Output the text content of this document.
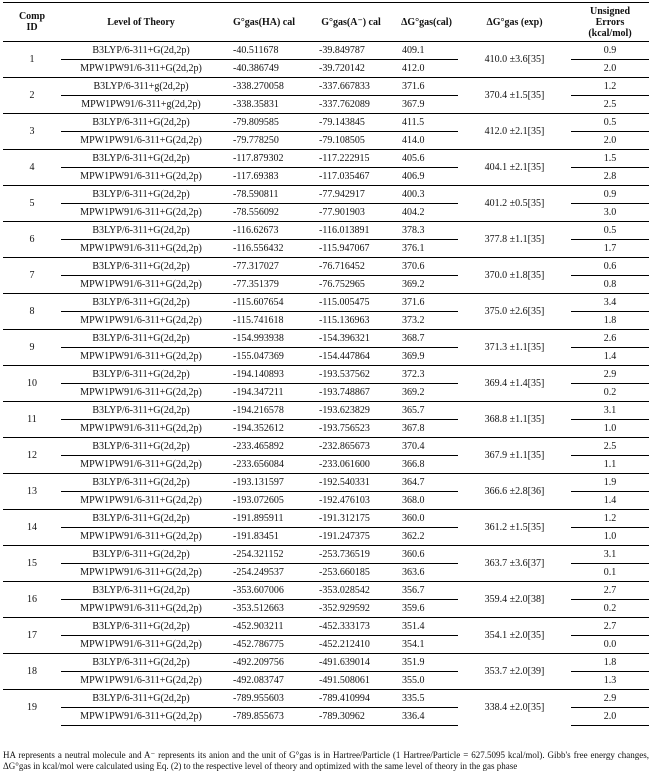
Comp
ID	Level of Theory	G°gas(HA) cal	G°gas(A⁻) cal	ΔG°gas(cal)	ΔG°gas (exp)	Unsigned
Errors
(kcal/mol)

1	B3LYP/6-311+G(2d,2p)	-40.511678	-39.849787	409.1	410.0 ±3.6[35]	0.9
	MPW1PW91/6-311+G(2d,2p)	-40.386749	-39.720142	412.0		2.0
2	B3LYP/6-311+g(2d,2p)	-338.270058	-337.667833	371.6	370.4 ±1.5[35]	1.2
	MPW1PW91/6-311+g(2d,2p)	-338.35831	-337.762089	367.9		2.5
3	B3LYP/6-311+G(2d,2p)	-79.809585	-79.143845	411.5	412.0 ±2.1[35]	0.5
	MPW1PW91/6-311+G(2d,2p)	-79.778250	-79.108505	414.0		2.0
4	B3LYP/6-311+G(2d,2p)	-117.879302	-117.222915	405.6	404.1 ±2.1[35]	1.5
	MPW1PW91/6-311+G(2d,2p)	-117.69383	-117.035467	406.9		2.8
5	B3LYP/6-311+G(2d,2p)	-78.590811	-77.942917	400.3	401.2 ±0.5[35]	0.9
	MPW1PW91/6-311+G(2d,2p)	-78.556092	-77.901903	404.2		3.0
6	B3LYP/6-311+G(2d,2p)	-116.62673	-116.013891	378.3	377.8 ±1.1[35]	0.5
	MPW1PW91/6-311+G(2d,2p)	-116.556432	-115.947067	376.1		1.7
7	B3LYP/6-311+G(2d,2p)	-77.317027	-76.716452	370.6	370.0 ±1.8[35]	0.6
	MPW1PW91/6-311+G(2d,2p)	-77.351379	-76.752965	369.2		0.8
8	B3LYP/6-311+G(2d,2p)	-115.607654	-115.005475	371.6	375.0 ±2.6[35]	3.4
	MPW1PW91/6-311+G(2d,2p)	-115.741618	-115.136963	373.2		1.8
9	B3LYP/6-311+G(2d,2p)	-154.993938	-154.396321	368.7	371.3 ±1.1[35]	2.6
	MPW1PW91/6-311+G(2d,2p)	-155.047369	-154.447864	369.9		1.4
10	B3LYP/6-311+G(2d,2p)	-194.140893	-193.537562	372.3	369.4 ±1.4[35]	2.9
	MPW1PW91/6-311+G(2d,2p)	-194.347211	-193.748867	369.2		0.2
11	B3LYP/6-311+G(2d,2p)	-194.216578	-193.623829	365.7	368.8 ±1.1[35]	3.1
	MPW1PW91/6-311+G(2d,2p)	-194.352612	-193.756523	367.8		1.0
12	B3LYP/6-311+G(2d,2p)	-233.465892	-232.865673	370.4	367.9 ±1.1[35]	2.5
	MPW1PW91/6-311+G(2d,2p)	-233.656084	-233.061600	366.8		1.1
13	B3LYP/6-311+G(2d,2p)	-193.131597	-192.540331	364.7	366.6 ±2.8[36]	1.9
	MPW1PW91/6-311+G(2d,2p)	-193.072605	-192.476103	368.0		1.4
14	B3LYP/6-311+G(2d,2p)	-191.895911	-191.312175	360.0	361.2 ±1.5[35]	1.2
	MPW1PW91/6-311+G(2d,2p)	-191.83451	-191.247375	362.2		1.0
15	B3LYP/6-311+G(2d,2p)	-254.321152	-253.736519	360.6	363.7 ±3.6[37]	3.1
	MPW1PW91/6-311+G(2d,2p)	-254.249537	-253.660185	363.6		0.1
16	B3LYP/6-311+G(2d,2p)	-353.607006	-353.028542	356.7	359.4 ±2.0[38]	2.7
	MPW1PW91/6-311+G(2d,2p)	-353.512663	-352.929592	359.6		0.2
17	B3LYP/6-311+G(2d,2p)	-452.903211	-452.333173	351.4	354.1 ±2.0[35]	2.7
	MPW1PW91/6-311+G(2d,2p)	-452.786775	-452.212410	354.1		0.0
18	B3LYP/6-311+G(2d,2p)	-492.209756	-491.639014	351.9	353.7 ±2.0[39]	1.8
	MPW1PW91/6-311+G(2d,2p)	-492.083747	-491.508061	355.0		1.3
19	B3LYP/6-311+G(2d,2p)	-789.955603	-789.410994	335.5	338.4 ±2.0[35]	2.9
	MPW1PW91/6-311+G(2d,2p)	-789.855673	-789.30962	336.4		2.0
HA represents a neutral molecule and A⁻ represents its anion and the unit of G°gas is in Hartree/Particle (1 Hartree/Particle = 627.5095 kcal/mol). Gibb's free energy changes, ΔG°gas in kcal/mol were calculated using Eq. (2) to the respective level of theory and optimized with the same level of theory in the gas phase
